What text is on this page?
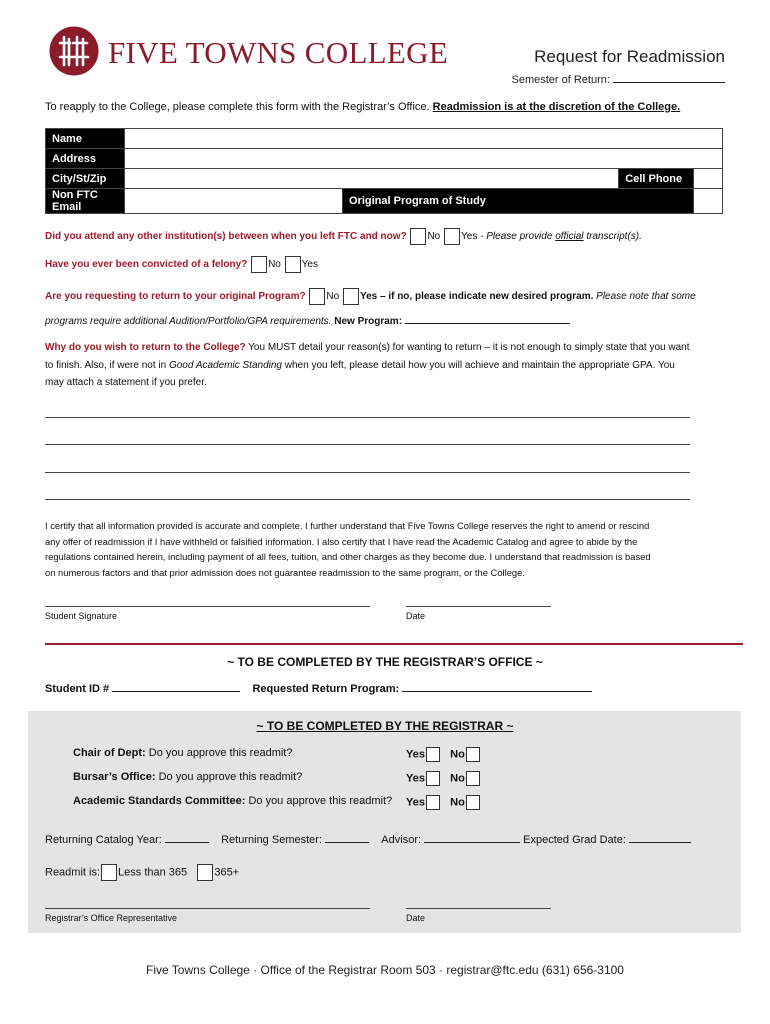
FIVE TOWNS COLLEGE	Request for Readmission
Semester of Return:
To reapply to the College, please complete this form with the Registrar’s Office. Readmission is at the discretion of the College.
Name				
Address				
City/St/Zip			Cell Phone	
Non FTC Email		Original Program of Study		
Did you attend any other institution(s) between when you left FTC and now? No Yes - Please provide official transcript(s).
Have you ever been convicted of a felony? No Yes
Are you requesting to return to your original Program? No Yes – if no, please indicate new desired program. Please note that some
programs require additional Audition/Portfolio/GPA requirements. New Program:
Why do you wish to return to the College? You MUST detail your reason(s) for wanting to return – it is not enough to simply state that you want
to finish. Also, if were not in Good Academic Standing when you left, please detail how you will achieve and maintain the appropriate GPA. You
may attach a statement if you prefer.
I certify that all information provided is accurate and complete. I further understand that Five Towns College reserves the right to amend or rescind
any offer of readmission if I have withheld or falsified information. I also certify that I have read the Academic Catalog and agree to abide by the
regulations contained herein, including payment of all fees, tuition, and other charges as they become due. I understand that readmission is based
on numerous factors and that prior admission does not guarantee readmission to the same program, or the College.
Student Signature	Date
~ TO BE COMPLETED BY THE REGISTRAR’S OFFICE ~
Student ID #	Requested Return Program:
~ TO BE COMPLETED BY THE REGISTRAR ~
Chair of Dept: Do you approve this readmit?	Yes No
Bursar’s Office: Do you approve this readmit?	Yes No
Academic Standards Committee: Do you approve this readmit? Yes No
Returning Catalog Year:	Returning Semester:	Advisor:	Expected Grad Date:
Readmit is: Less than 365 365+
Registrar’s Office Representative	Date
Five Towns College · Office of the Registrar Room 503 · registrar@ftc.edu (631) 656-3100
